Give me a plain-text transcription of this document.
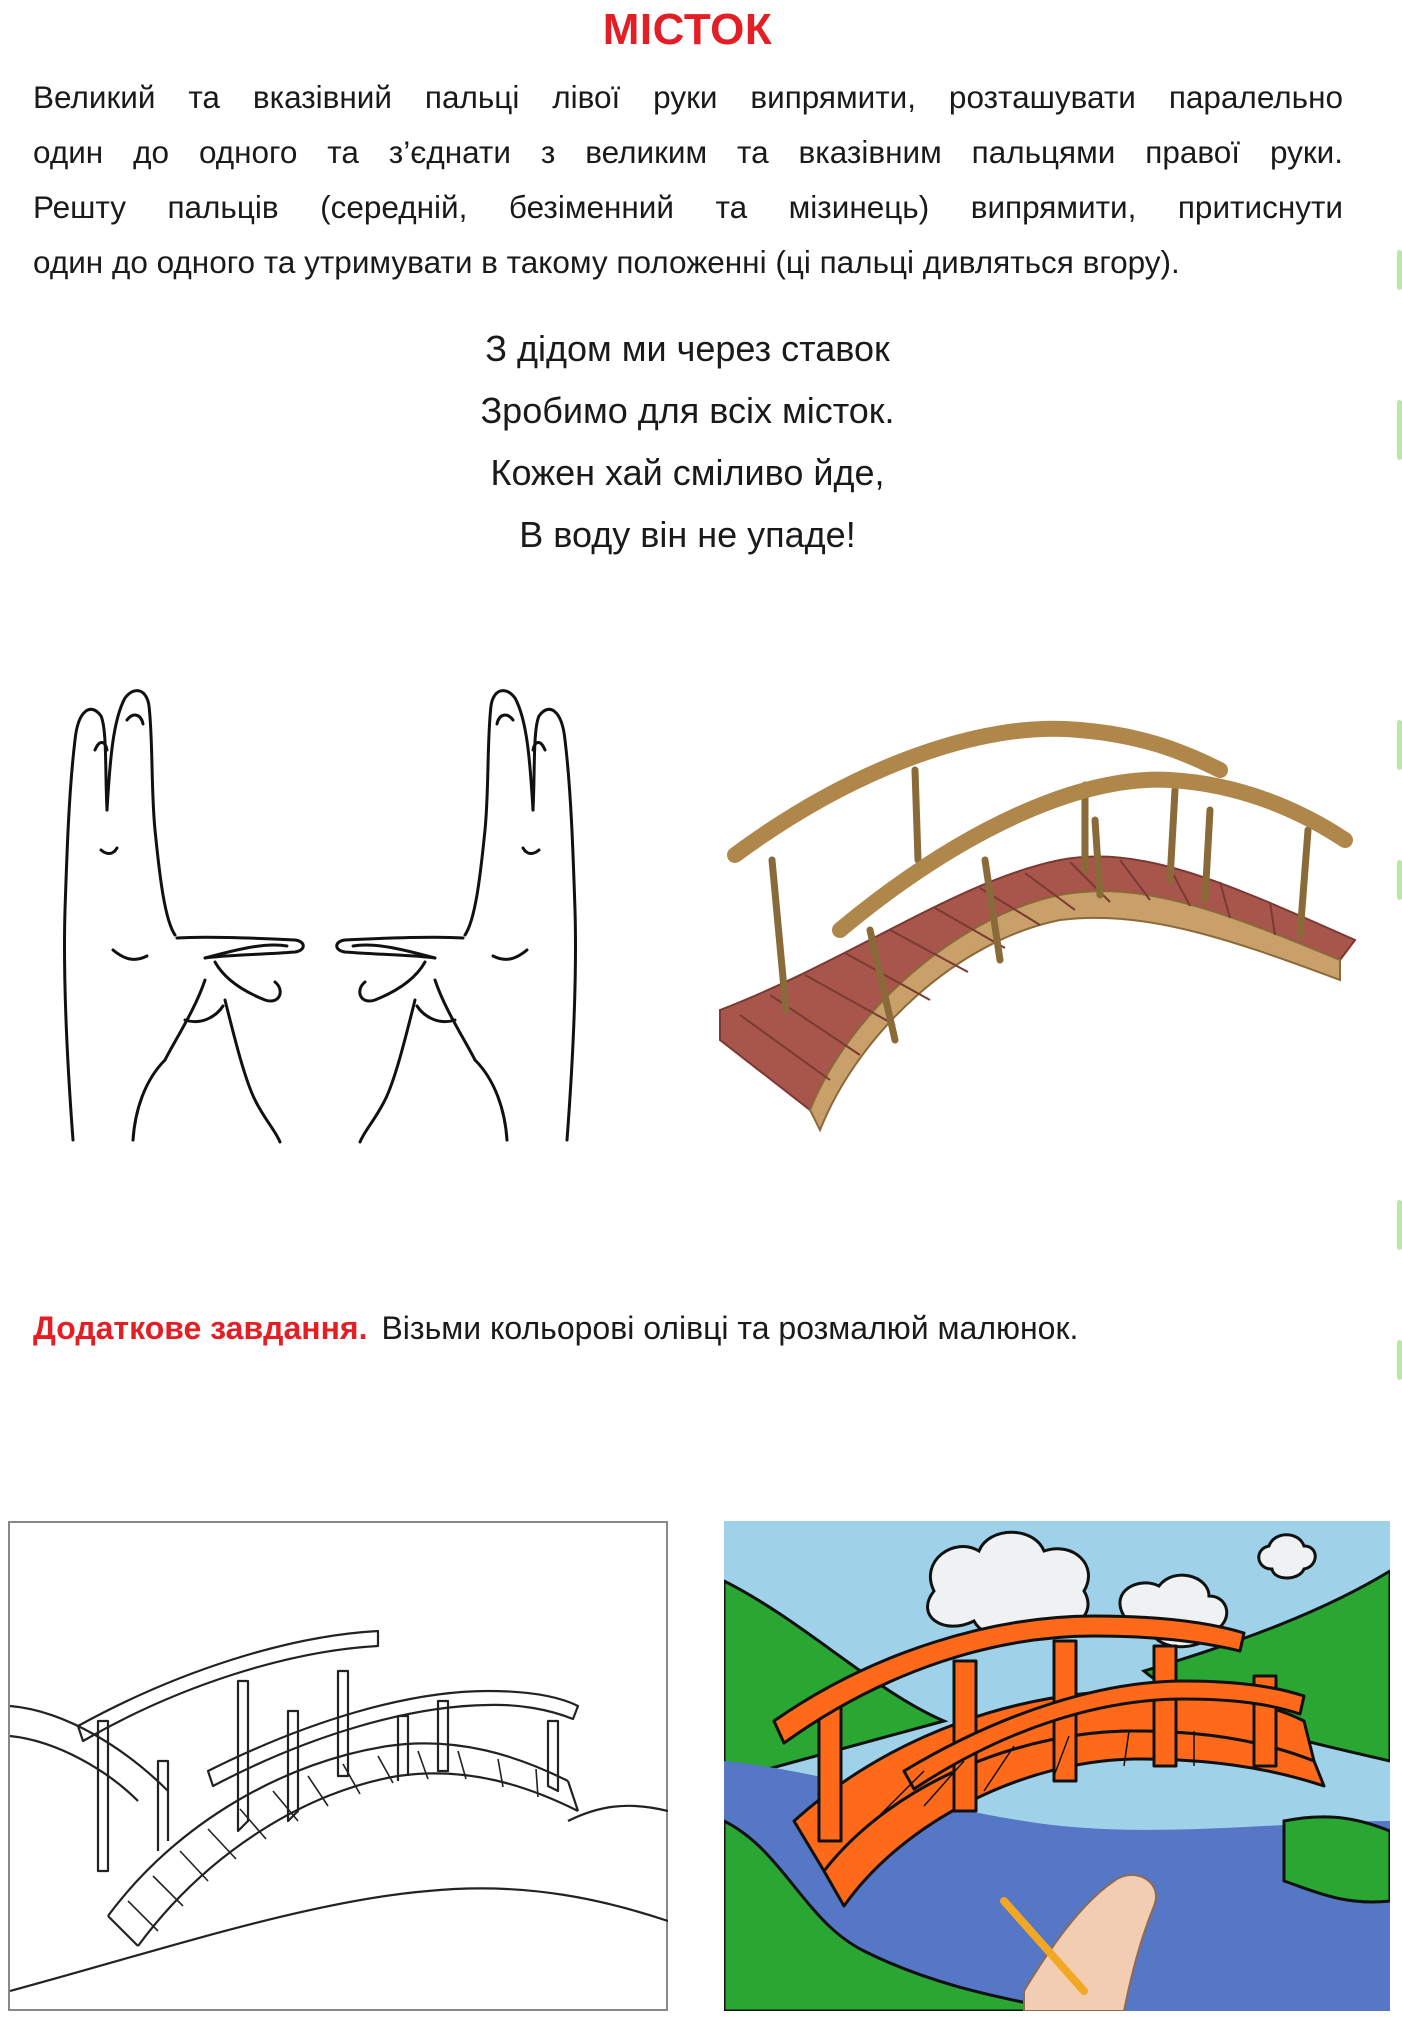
МІСТОК

Великий та вказівний пальці лівої руки випрямити, розташувати паралельно

один до одного та з’єднати з великим та вказівним пальцями правої руки.

Решту пальців (середній, безіменний та мізинець) випрямити, притиснути

один до одного та утримувати в такому положенні (ці пальці дивляться вгору).

З дідом ми через ставок
Зробимо для всіх місток.
Кожен хай сміливо йде,
В воду він не упаде!
Додаткове завдання. Візьми кольорові олівці та розмалюй малюнок.
